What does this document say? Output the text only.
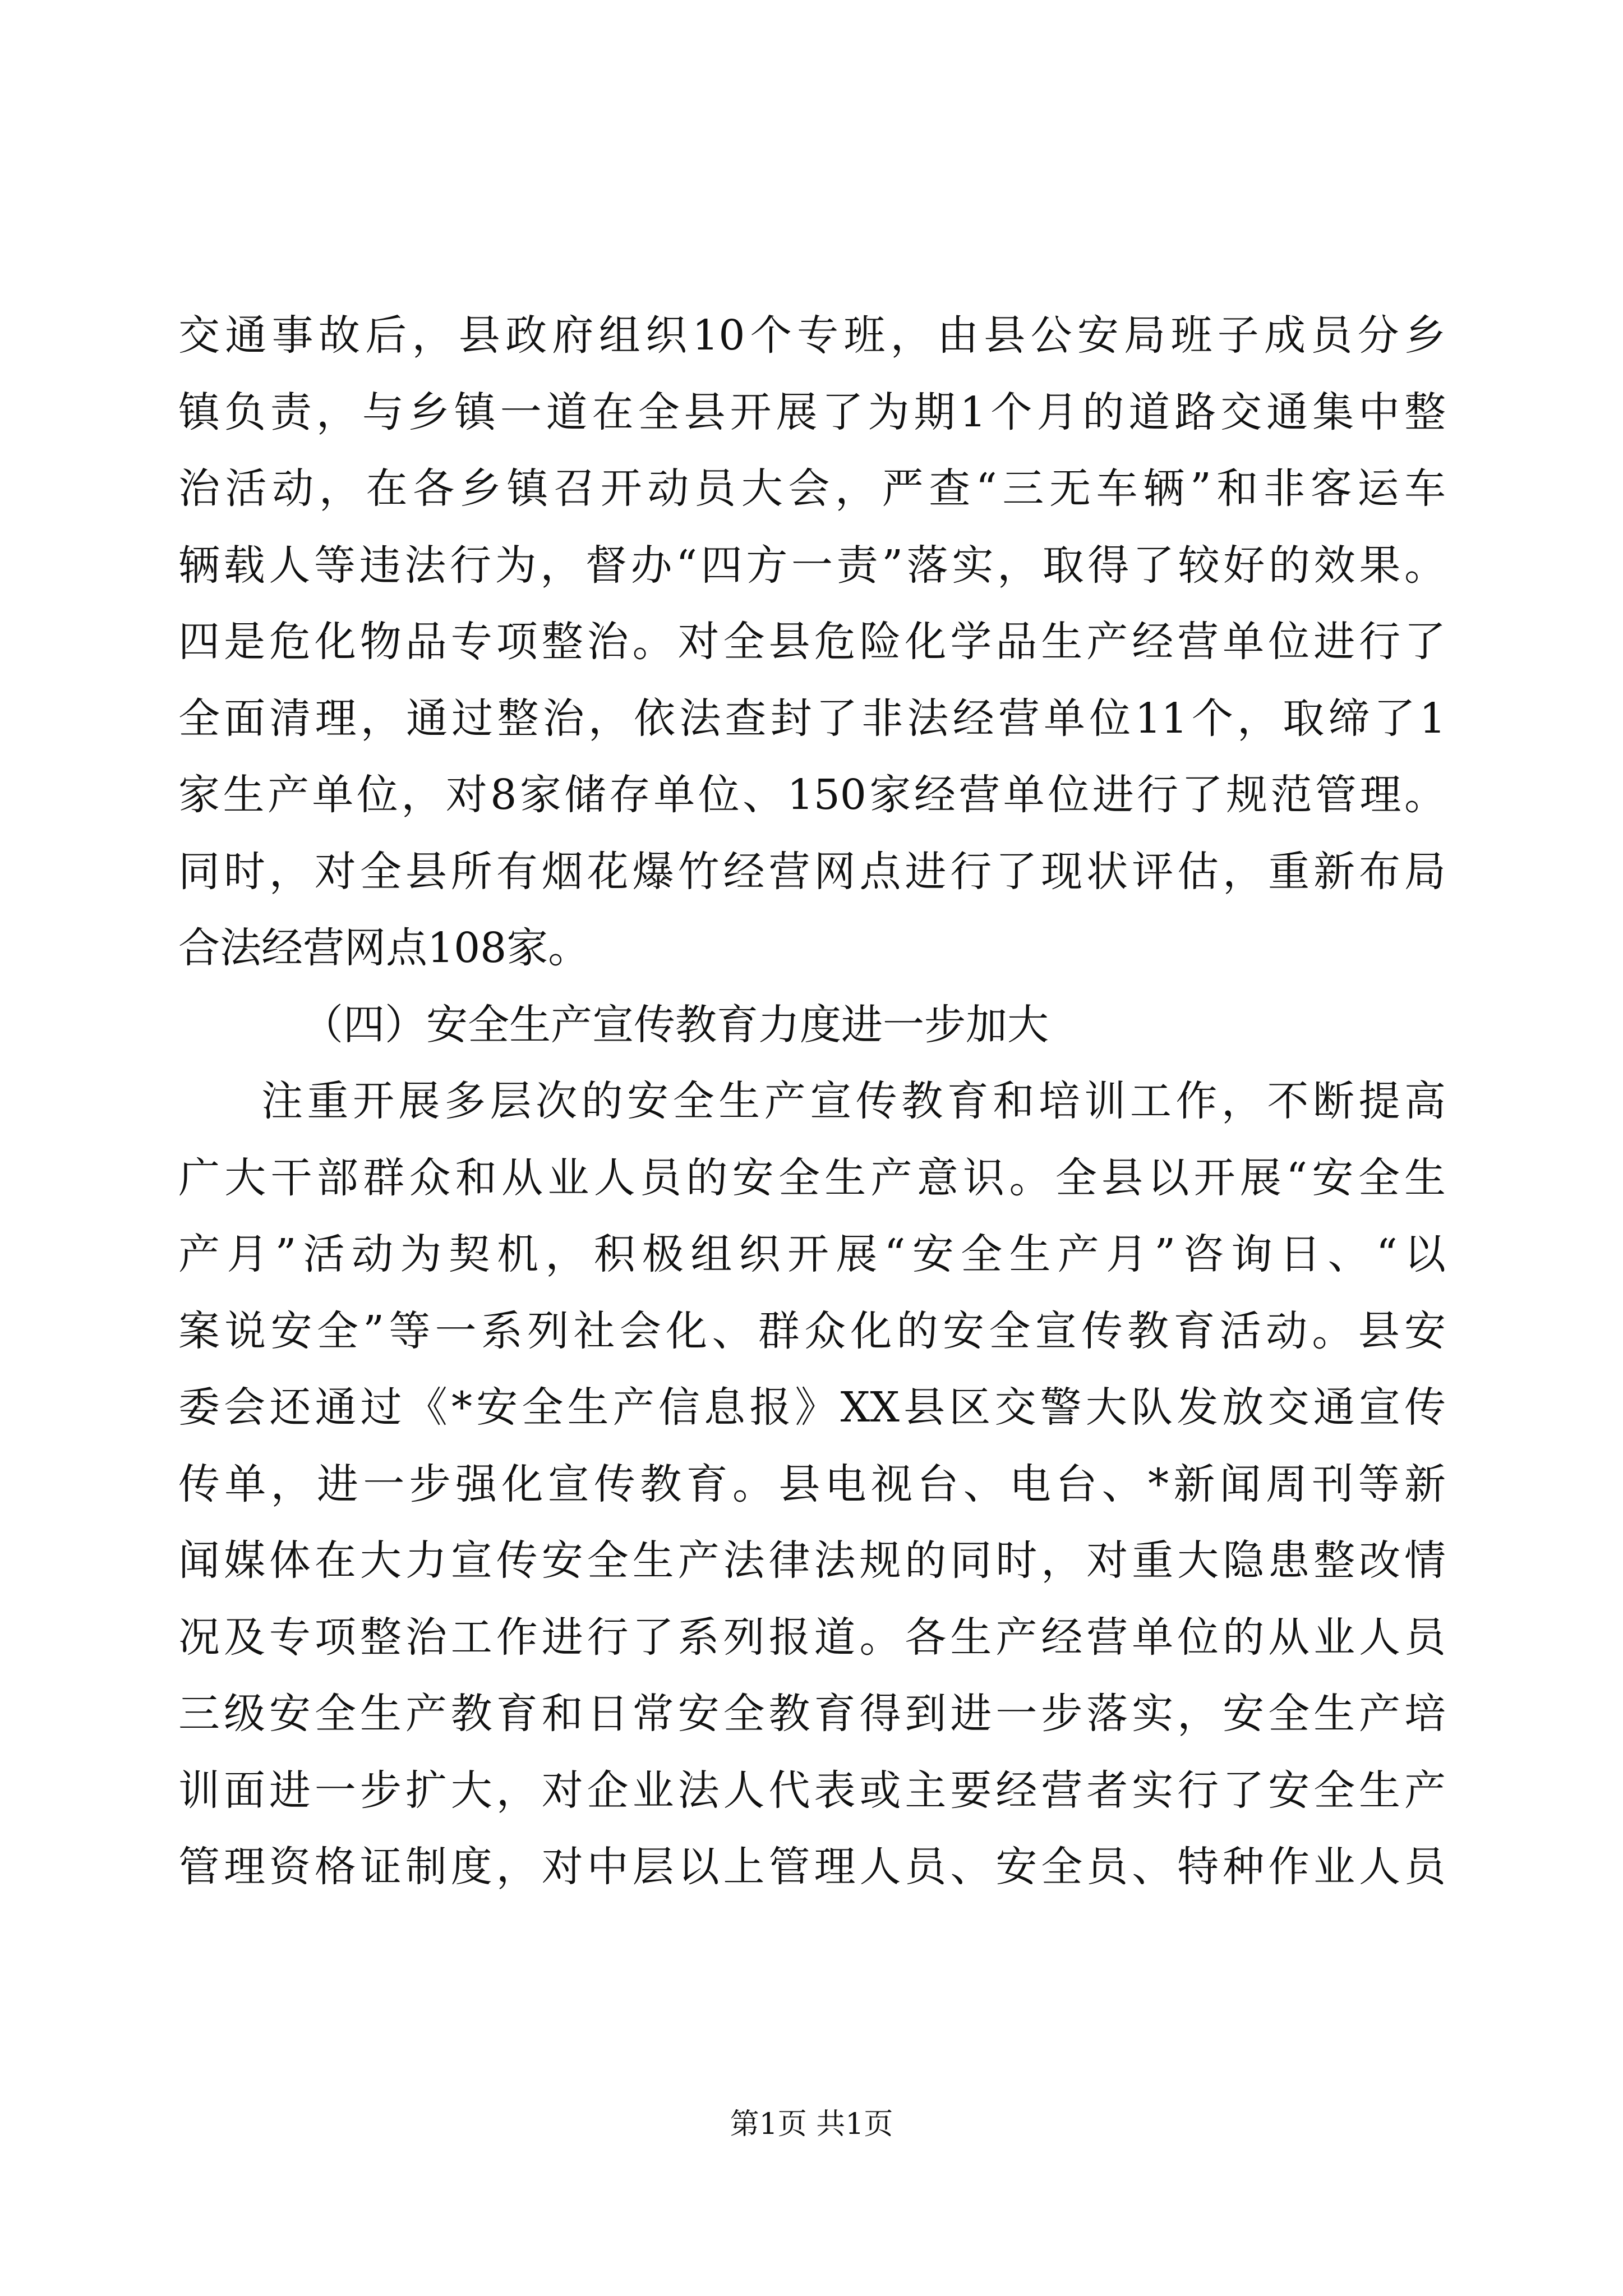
交通事故后，县政府组织10个专班，由县公安局班子成员分乡
镇负责，与乡镇一道在全县开展了为期1个月的道路交通集中整
治活动，在各乡镇召开动员大会，严查“三无车辆”和非客运车
辆载人等违法行为，督办“四方一责”落实，取得了较好的效果。
四是危化物品专项整治。对全县危险化学品生产经营单位进行了
全面清理，通过整治，依法查封了非法经营单位11个，取缔了1
家生产单位，对8家储存单位、150家经营单位进行了规范管理。
同时，对全县所有烟花爆竹经营网点进行了现状评估，重新布局
合法经营网点108家。
（四）安全生产宣传教育力度进一步加大
注重开展多层次的安全生产宣传教育和培训工作，不断提高
广大干部群众和从业人员的安全生产意识。全县以开展“安全生
产月”活动为契机，积极组织开展“安全生产月”咨询日、“以
案说安全”等一系列社会化、群众化的安全宣传教育活动。县安
委会还通过《*安全生产信息报》XX县区交警大队发放交通宣传
传单，进一步强化宣传教育。县电视台、电台、*新闻周刊等新
闻媒体在大力宣传安全生产法律法规的同时，对重大隐患整改情
况及专项整治工作进行了系列报道。各生产经营单位的从业人员
三级安全生产教育和日常安全教育得到进一步落实，安全生产培
训面进一步扩大，对企业法人代表或主要经营者实行了安全生产
管理资格证制度，对中层以上管理人员、安全员、特种作业人员
第1页 共1页
